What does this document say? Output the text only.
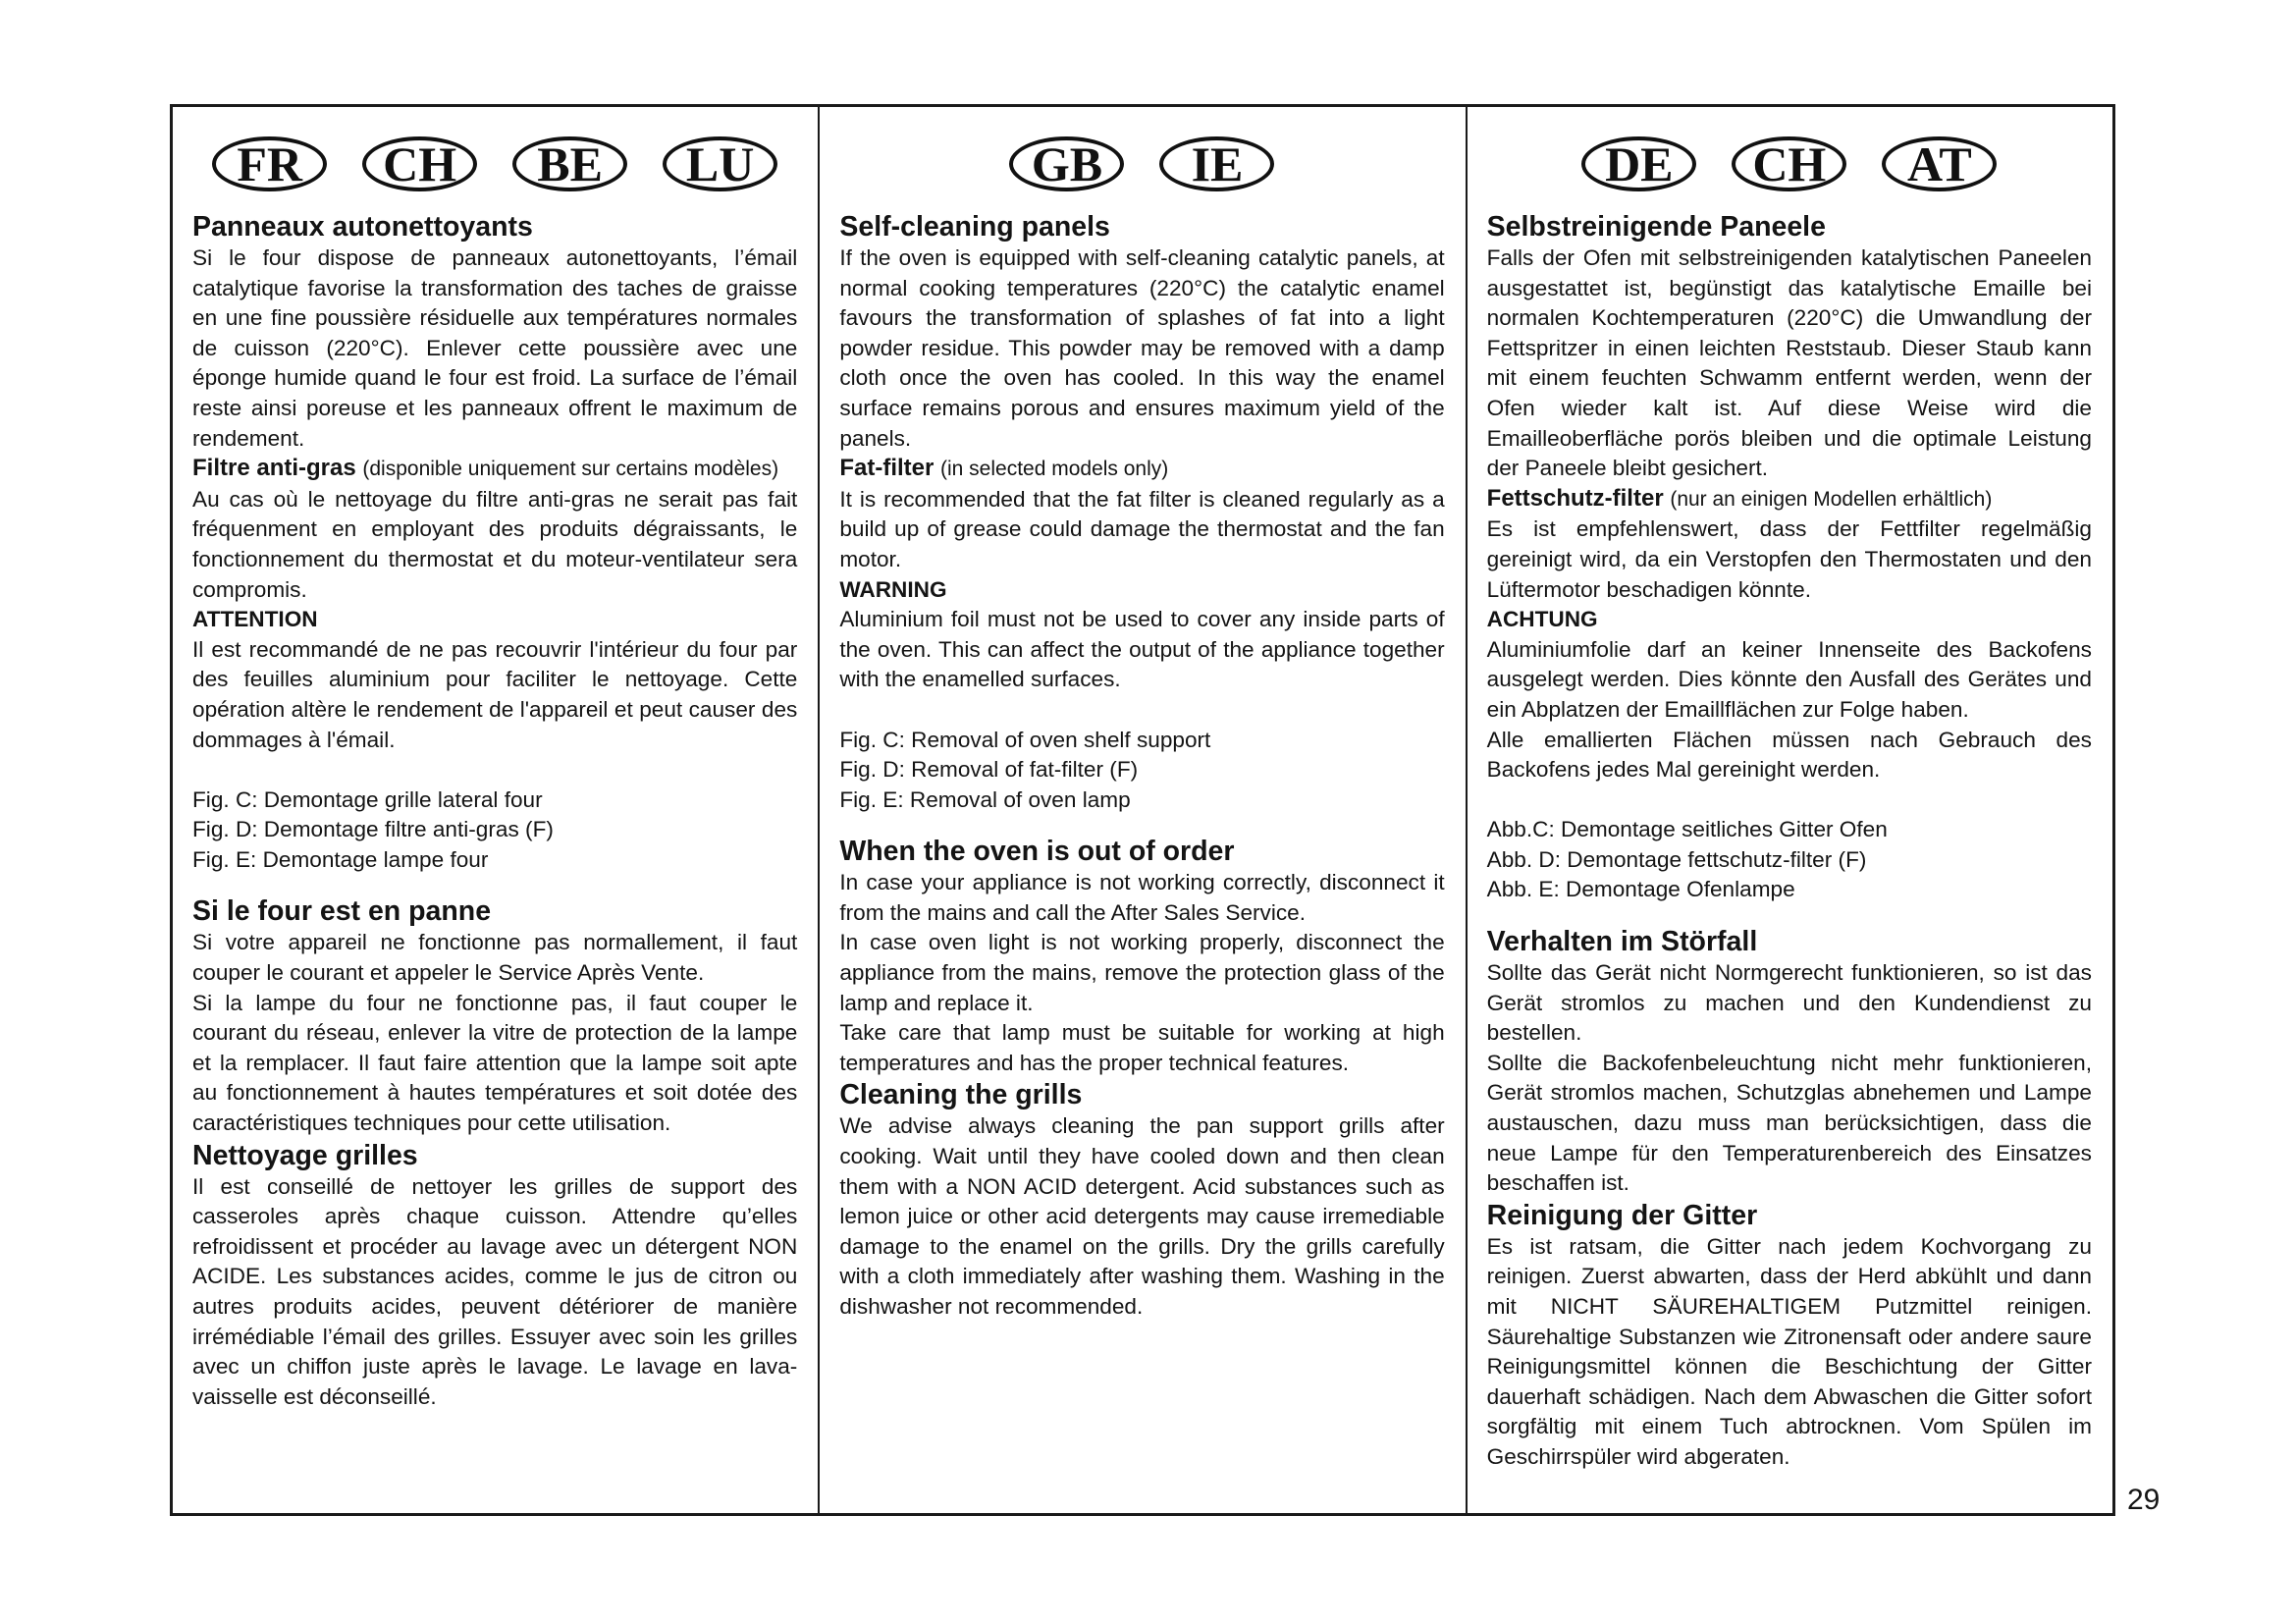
FR	CH	BE	LU
Panneaux autonettoyants

Si le four dispose de panneaux autonettoyants, l’émail catalytique favorise la transformation des taches de graisse en une fine poussière résiduelle aux températures normales de cuisson (220°C). Enlever cette poussière avec une éponge humide quand le four est froid. La surface de l’émail reste ainsi poreuse et les panneaux offrent le maximum de rendement.

Filtre anti-gras (disponible uniquement sur certains modèles)

Au cas où le nettoyage du filtre anti-gras ne serait pas fait fréquenment en employant des produits dégraissants, le fonctionnement du thermostat et du moteur-ventilateur sera compromis.

ATTENTION

Il est recommandé de ne pas recouvrir l'intérieur du four par des feuilles aluminium pour faciliter le nettoyage. Cette opération altère le rendement de l'appareil et peut causer des dommages à l'émail.

Fig. C: Demontage grille lateral four

Fig. D: Demontage filtre anti-gras (F)

Fig. E: Demontage lampe four

Si le four est en panne

Si votre appareil ne fonctionne pas normallement, il faut couper le courant et appeler le Service Après Vente.

Si la lampe du four ne fonctionne pas, il faut couper le courant du réseau, enlever la vitre de protection de la lampe et la remplacer. Il faut faire attention que la lampe soit apte au fonctionnement à hautes températures et soit dotée des caractéristiques techniques pour cette utilisation.

Nettoyage grilles

Il est conseillé de nettoyer les grilles de support des casseroles après chaque cuisson. Attendre qu’elles refroidissent et procéder au lavage avec un détergent NON ACIDE. Les substances acides, comme le jus de citron ou autres produits acides, peuvent détériorer de manière irrémédiable l’émail des grilles. Essuyer avec soin les grilles avec un chiffon juste après le lavage. Le lavage en lava-vaisselle est déconseillé.

GB	IE
Self-cleaning panels

If the oven is equipped with self-cleaning catalytic panels, at normal cooking temperatures (220°C) the catalytic enamel favours the transformation of splashes of fat into a light powder residue. This powder may be removed with a damp cloth once the oven has cooled. In this way the enamel surface remains porous and ensures maximum yield of the panels.

Fat-filter (in selected models only)

It is recommended that the fat filter is cleaned regularly as a build up of grease could damage the thermostat and the fan motor.

WARNING

Aluminium foil must not be used to cover any inside parts of the oven. This can affect the output of the appliance together with the enamelled surfaces.

Fig. C: Removal of oven shelf support

Fig. D: Removal of fat-filter (F)

Fig. E: Removal of oven lamp

When the oven is out of order

In case your appliance is not working correctly, disconnect it from the mains and call the After Sales Service.

In case oven light is not working properly, disconnect the appliance from the mains, remove the protection glass of the lamp and replace it.

Take care that lamp must be suitable for working at high temperatures and has the proper technical features.

Cleaning the grills

We advise always cleaning the pan support grills after cooking. Wait until they have cooled down and then clean them with a NON ACID detergent. Acid substances such as lemon juice or other acid detergents may cause irremediable damage to the enamel on the grills. Dry the grills carefully with a cloth immediately after washing them. Washing in the dishwasher not recommended.

DE	CH	AT
Selbstreinigende Paneele

Falls der Ofen mit selbstreinigenden katalytischen Paneelen ausgestattet ist, begünstigt das katalytische Emaille bei normalen Kochtemperaturen (220°C) die Umwandlung der Fettspritzer in einen leichten Reststaub. Dieser Staub kann mit einem feuchten Schwamm entfernt werden, wenn der Ofen wieder kalt ist. Auf diese Weise wird die Emailleoberfläche porös bleiben und die optimale Leistung der Paneele bleibt gesichert.

Fettschutz-filter (nur an einigen Modellen erhältlich)

Es ist empfehlenswert, dass der Fettfilter regelmäßig gereinigt wird, da ein Verstopfen den Thermostaten und den Lüftermotor beschadigen könnte.

ACHTUNG

Aluminiumfolie darf an keiner Innenseite des Backofens ausgelegt werden. Dies könnte den Ausfall des Gerätes und ein Abplatzen der Emaillflächen zur Folge haben.

Alle emallierten Flächen müssen nach Gebrauch des Backofens jedes Mal gereinight werden.

Abb.C: Demontage seitliches Gitter Ofen

Abb. D: Demontage fettschutz-filter (F)

Abb. E: Demontage Ofenlampe

Verhalten im Störfall

Sollte das Gerät nicht Normgerecht funktionieren, so ist das Gerät stromlos zu machen und den Kundendienst zu bestellen.

Sollte die Backofenbeleuchtung nicht mehr funktionieren, Gerät stromlos machen, Schutzglas abnehemen und Lampe austauschen, dazu muss man berücksichtigen, dass die neue Lampe für den Temperaturenbereich des Einsatzes beschaffen ist.

Reinigung der Gitter

Es ist ratsam, die Gitter nach jedem Kochvorgang zu reinigen. Zuerst abwarten, dass der Herd abkühlt und dann mit NICHT SÄUREHALTIGEM Putzmittel reinigen. Säurehaltige Substanzen wie Zitronensaft oder andere saure Reinigungsmittel können die Beschichtung der Gitter dauerhaft schädigen. Nach dem Abwaschen die Gitter sofort sorgfältig mit einem Tuch abtrocknen. Vom Spülen im Geschirrspüler wird abgeraten.

29
